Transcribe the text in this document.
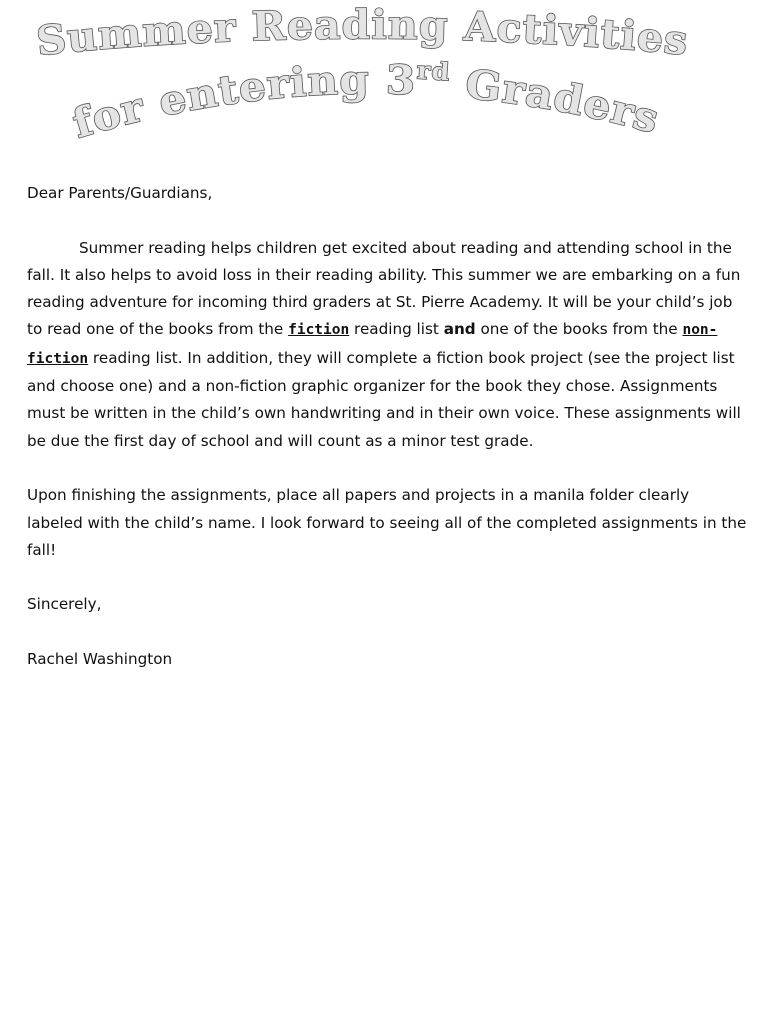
Summer Reading Activities
for entering 3rd Graders

Dear Parents/Guardians,

Summer reading helps children get excited about reading and attending school in the fall. It also helps to avoid loss in their reading ability. This summer we are embarking on a fun reading adventure for incoming third graders at St. Pierre Academy. It will be your child’s job to read one of the books from the fiction reading list and one of the books from the non-fiction reading list. In addition, they will complete a fiction book project (see the project list and choose one) and a non-fiction graphic organizer for the book they chose. Assignments must be written in the child’s own handwriting and in their own voice. These assignments will be due the first day of school and will count as a minor test grade.

Upon finishing the assignments, place all papers and projects in a manila folder clearly labeled with the child’s name. I look forward to seeing all of the completed assignments in the fall!

Sincerely,

Rachel Washington
